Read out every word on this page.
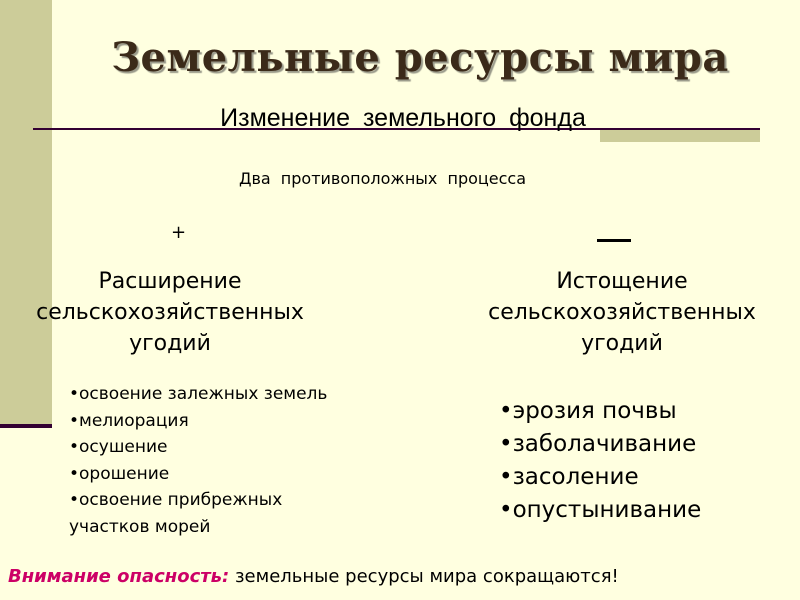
Земельные ресурсы мира
Изменение земельного фонда
Два противоположных процесса
+
Расширение
сельскохозяйственных
угодий
Истощение
сельскохозяйственных
угодий
•освоение залежных земель
•мелиорация
•осушение
•орошение
•освоение прибрежных
участков морей
•эрозия почвы
•заболачивание
•засоление
•опустынивание
Внимание опасность: земельные ресурсы мира сокращаются!
